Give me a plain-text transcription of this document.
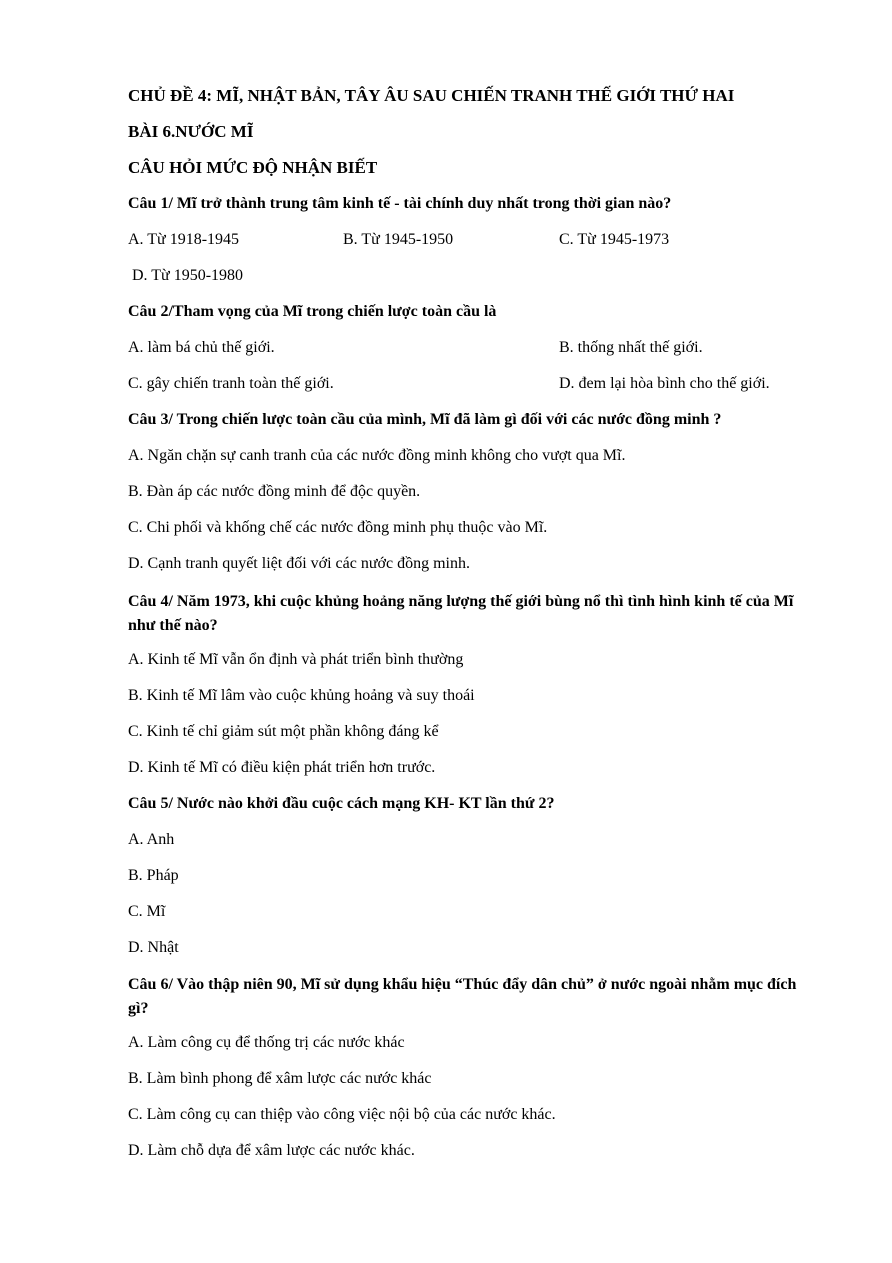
CHỦ ĐỀ 4: MĨ, NHẬT BẢN, TÂY ÂU SAU CHIẾN TRANH THẾ GIỚI THỨ HAI
BÀI 6.NƯỚC MĨ
CÂU HỎI MỨC ĐỘ NHẬN BIẾT
Câu 1/ Mĩ trở thành trung tâm kinh tế - tài chính duy nhất trong thời gian nào?
A. Từ 1918-1945	B. Từ 1945-1950	C. Từ 1945-1973
D. Từ 1950-1980
Câu 2/Tham vọng của Mĩ trong chiến lược toàn cầu là
A. làm bá chủ thế giới.	B. thống nhất thế giới.
C. gây chiến tranh toàn thế giới.	D. đem lại hòa bình cho thế giới.
Câu 3/ Trong chiến lược toàn cầu của mình, Mĩ đã làm gì đối với các nước đồng minh ?
A. Ngăn chặn sự canh tranh của các nước đồng minh không cho vượt qua Mĩ.
B. Đàn áp các nước đồng minh để độc quyền.
C. Chi phối và khống chế các nước đồng minh phụ thuộc vào Mĩ.
D. Cạnh tranh quyết liệt đối với các nước đồng minh.
Câu 4/ Năm 1973, khi cuộc khủng hoảng năng lượng thế giới bùng nổ thì tình hình kinh tế của Mĩ như thế nào?
A. Kinh tế Mĩ vẫn ổn định và phát triển bình thường
B. Kinh tế Mĩ lâm vào cuộc khủng hoảng và suy thoái
C. Kinh tế chỉ giảm sút một phần không đáng kể
D. Kinh tế Mĩ có điều kiện phát triển hơn trước.
Câu 5/ Nước nào khởi đầu cuộc cách mạng KH- KT lần thứ 2?
A. Anh
B. Pháp
C. Mĩ
D. Nhật
Câu 6/ Vào thập niên 90, Mĩ sử dụng khẩu hiệu “Thúc đẩy dân chủ” ở nước ngoài nhằm mục đích gì?
A. Làm công cụ để thống trị các nước khác
B. Làm bình phong để xâm lược các nước khác
C. Làm công cụ can thiệp vào công việc nội bộ của các nước khác.
D. Làm chỗ dựa để xâm lược các nước khác.
